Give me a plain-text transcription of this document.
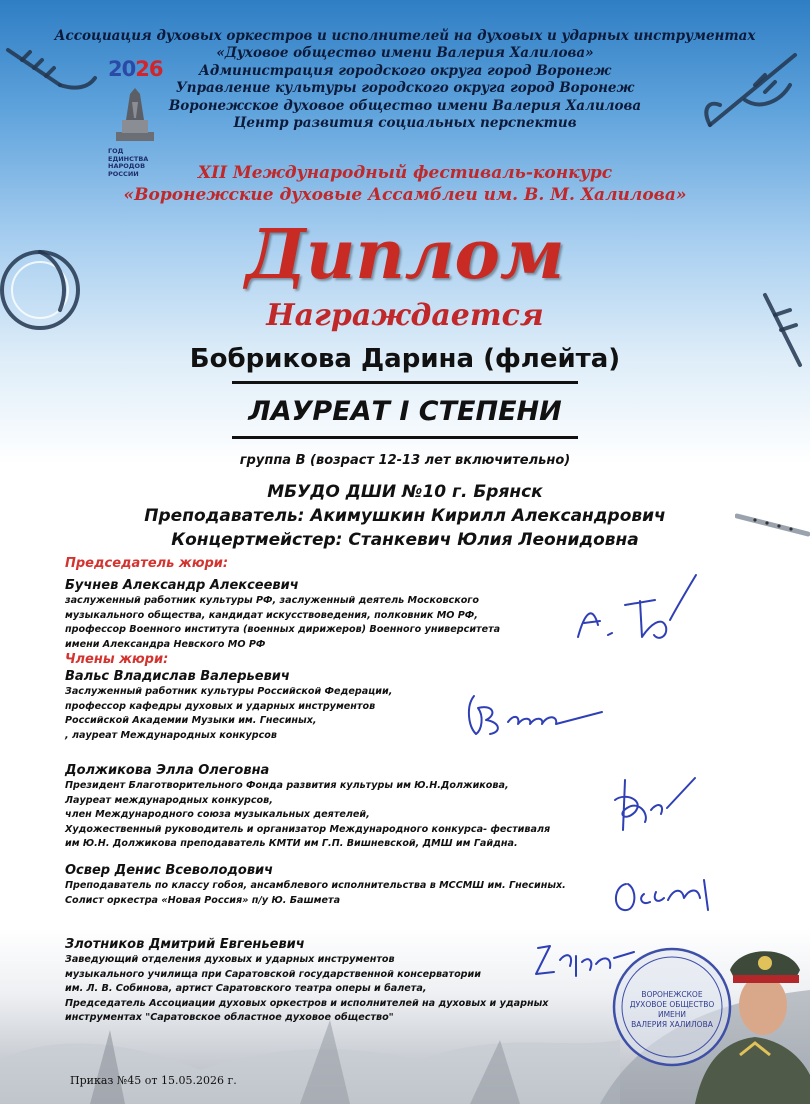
Ассоциация духовых оркестров и исполнителей на духовых и ударных инструментах
«Духовое общество имени Валерия Халилова»
Администрация городского округа город Воронеж
Управление культуры городского округа город Воронеж
Воронежское духовое общество имени Валерия Халилова
Центр развития социальных перспектив
2026
ГОД
ЕДИНСТВА
НАРОДОВ
РОССИИ	XII Международный фестиваль-конкурс
«Воронежские духовые Ассамблеи им. В. М. Халилова»
Диплом
Награждается
Бобрикова Дарина (флейта)
ЛАУРЕАТ I СТЕПЕНИ
группа В (возраст 12-13 лет включительно)
МБУДО ДШИ №10 г. Брянск
Преподаватель: Акимушкин Кирилл Александрович
Концертмейстер: Станкевич Юлия Леонидовна
Председатель жюри:
Бучнев Александр Алексеевич
заслуженный работник культуры РФ, заслуженный деятель Московского
музыкального общества, кандидат искусствоведения, полковник МО РФ,
профессор Военного института (военных дирижеров) Военного университета
имени Александра Невского МО РФ
Члены жюри:
Вальс Владислав Валерьевич
Заслуженный работник культуры Российской Федерации,
профессор кафедры духовых и ударных инструментов
Российской Академии Музыки им. Гнесиных,
, лауреат Международных конкурсов
Должикова Элла Олеговна
Президент Благотворительного Фонда развития культуры им Ю.Н.Должикова,
Лауреат международных конкурсов,
член Международного союза музыкальных деятелей,
Художественный руководитель и организатор Международного конкурса- фестиваля
им Ю.Н. Должикова преподаватель КМТИ им Г.П. Вишневской, ДМШ им Гайдна.
Освер Денис Всеволодович
Преподаватель по классу гобоя, ансамблевого исполнительства в МССМШ им. Гнесиных.
Солист оркестра «Новая Россия» п/у Ю. Башмета
Злотников Дмитрий Евгеньевич
Заведующий отделения духовых и ударных инструментов
музыкального училища при Саратовской государственной консерватории
им. Л. В. Собинова, артист Саратовского театра оперы и балета,
Председатель Ассоциации духовых оркестров и исполнителей на духовых и ударных
инструментах "Саратовское областное духовое общество"
ВОРОНЕЖСКОЕ
ДУХОВОЕ ОБЩЕСТВО
ИМЕНИ
ВАЛЕРИЯ ХАЛИЛОВА
Приказ №45 от 15.05.2026 г.
